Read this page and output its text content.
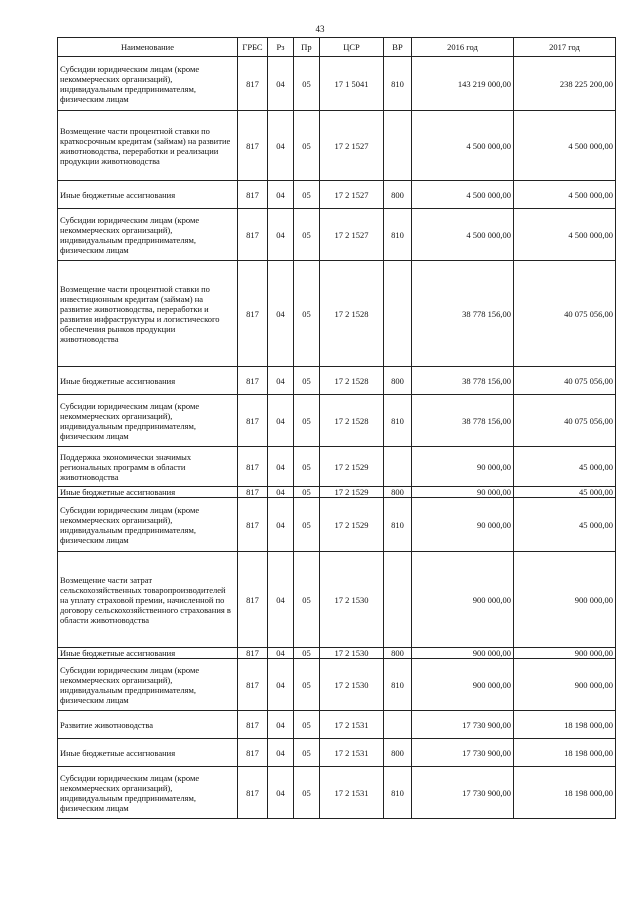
43
Наименование	ГРБС	Рз	Пр	ЦСР	ВР	2016 год	2017 год
Субсидии юридическим лицам (кроме некоммерческих организаций), индивидуальным предпринимателям, физическим лицам	817	04	05	17 1 5041	810	143 219 000,00	238 225 200,00
Возмещение части процентной ставки по краткосрочным кредитам (займам) на развитие животноводства, переработки и реализации продукции животноводства	817	04	05	17 2 1527		4 500 000,00	4 500 000,00
Иные бюджетные ассигнования	817	04	05	17 2 1527	800	4 500 000,00	4 500 000,00
Субсидии юридическим лицам (кроме некоммерческих организаций), индивидуальным предпринимателям, физическим лицам	817	04	05	17 2 1527	810	4 500 000,00	4 500 000,00
Возмещение части процентной ставки по инвестиционным кредитам (займам) на развитие животноводства, переработки и развития инфраструктуры и логистического обеспечения рынков продукции животноводства	817	04	05	17 2 1528		38 778 156,00	40 075 056,00
Иные бюджетные ассигнования	817	04	05	17 2 1528	800	38 778 156,00	40 075 056,00
Субсидии юридическим лицам (кроме некоммерческих организаций), индивидуальным предпринимателям, физическим лицам	817	04	05	17 2 1528	810	38 778 156,00	40 075 056,00
Поддержка экономически значимых региональных программ в области животноводства	817	04	05	17 2 1529		90 000,00	45 000,00
Иные бюджетные ассигнования	817	04	05	17 2 1529	800	90 000,00	45 000,00
Субсидии юридическим лицам (кроме некоммерческих организаций), индивидуальным предпринимателям, физическим лицам	817	04	05	17 2 1529	810	90 000,00	45 000,00
Возмещение части затрат сельскохозяйственных товаропроизводителей на уплату страховой премии, начисленной по договору сельскохозяйственного страхования в области животноводства	817	04	05	17 2 1530		900 000,00	900 000,00
Иные бюджетные ассигнования	817	04	05	17 2 1530	800	900 000,00	900 000,00
Субсидии юридическим лицам (кроме некоммерческих организаций), индивидуальным предпринимателям, физическим лицам	817	04	05	17 2 1530	810	900 000,00	900 000,00
Развитие животноводства	817	04	05	17 2 1531		17 730 900,00	18 198 000,00
Иные бюджетные ассигнования	817	04	05	17 2 1531	800	17 730 900,00	18 198 000,00
Субсидии юридическим лицам (кроме некоммерческих организаций), индивидуальным предпринимателям, физическим лицам	817	04	05	17 2 1531	810	17 730 900,00	18 198 000,00
